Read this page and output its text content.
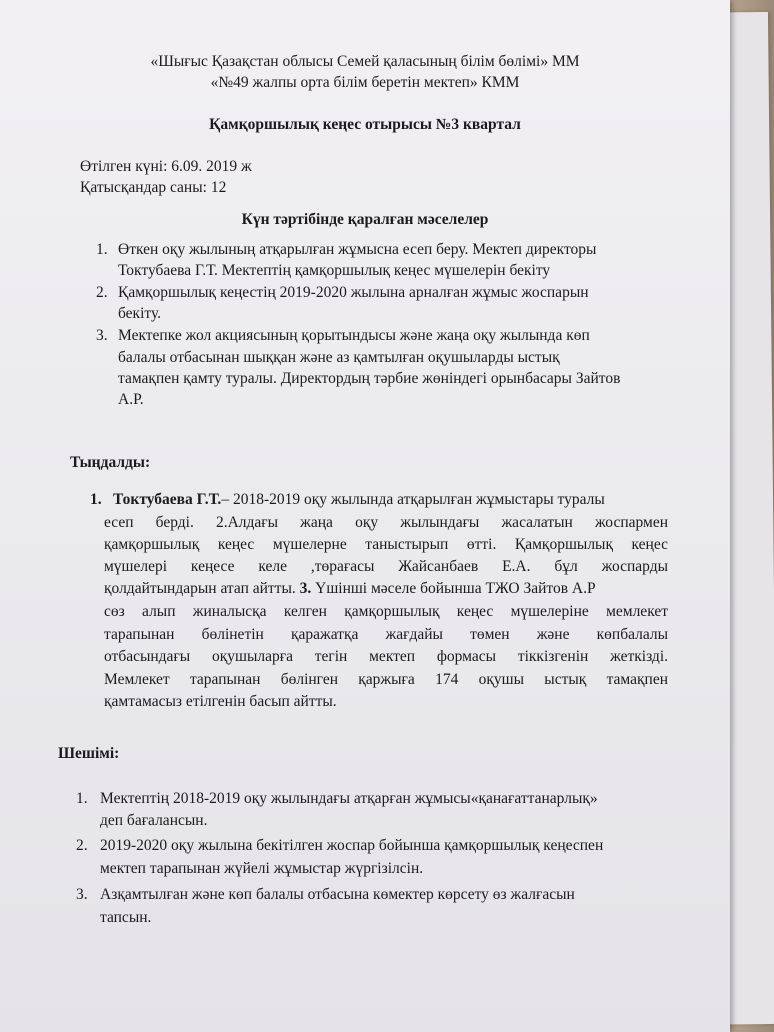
«Шығыс Қазақстан облысы Семей қаласының білім бөлімі» ММ
«№49 жалпы орта білім беретін мектеп» КММ
Қамқоршылық кеңес отырысы №3 квартал
Өтілген күні: 6.09. 2019 ж
Қатысқандар саны: 12
Күн тәртібінде қаралған мәселелер
1. Өткен оқу жылының атқарылған жұмысна есеп беру. Мектеп директоры
Токтубаева Г.Т. Мектептің қамқоршылық кеңес мүшелерін бекіту
2. Қамқоршылық кеңестің 2019-2020 жылына арналған жұмыс жоспарын
бекіту.
3. Мектепке жол акциясының қорытындысы және жаңа оқу жылында көп
балалы отбасынан шыққан және аз қамтылған оқушыларды ыстық
тамақпен қамту туралы. Директордың тәрбие жөніндегі орынбасары Зайтов
А.Р.
Тыңдалды:
1. Токтубаева Г.Т.– 2018-2019 оқу жылында атқарылған жұмыстары туралы
есеп берді. 2.Алдағы жаңа оқу жылындағы жасалатын жоспармен
қамқоршылық кеңес мүшелерне таныстырып өтті. Қамқоршылық кеңес
мүшелері кеңесе келе ,төрағасы Жайсанбаев Е.А. бұл жоспарды
қолдайтындарын атап айтты. 3. Үшінші мәселе бойынша ТЖО Зайтов А.Р
сөз алып жиналысқа келген қамқоршылық кеңес мүшелеріне мемлекет
тарапынан бөлінетін қаражатқа жағдайы төмен және көпбалалы
отбасындағы оқушыларға тегін мектеп формасы тіккізгенін жеткізді.
Мемлекет тарапынан бөлінген қаржыға 174 оқушы ыстық тамақпен
қамтамасыз етілгенін басып айтты.
Шешімі:
1. Мектептің 2018-2019 оқу жылындағы атқарған жұмысы«қанағаттанарлық»
деп бағалансын.
2. 2019-2020 оқу жылына бекітілген жоспар бойынша қамқоршылық кеңеспен
мектеп тарапынан жүйелі жұмыстар жүргізілсін.
3. Азқамтылған және көп балалы отбасына көмектер көрсету өз жалғасын
тапсын.
